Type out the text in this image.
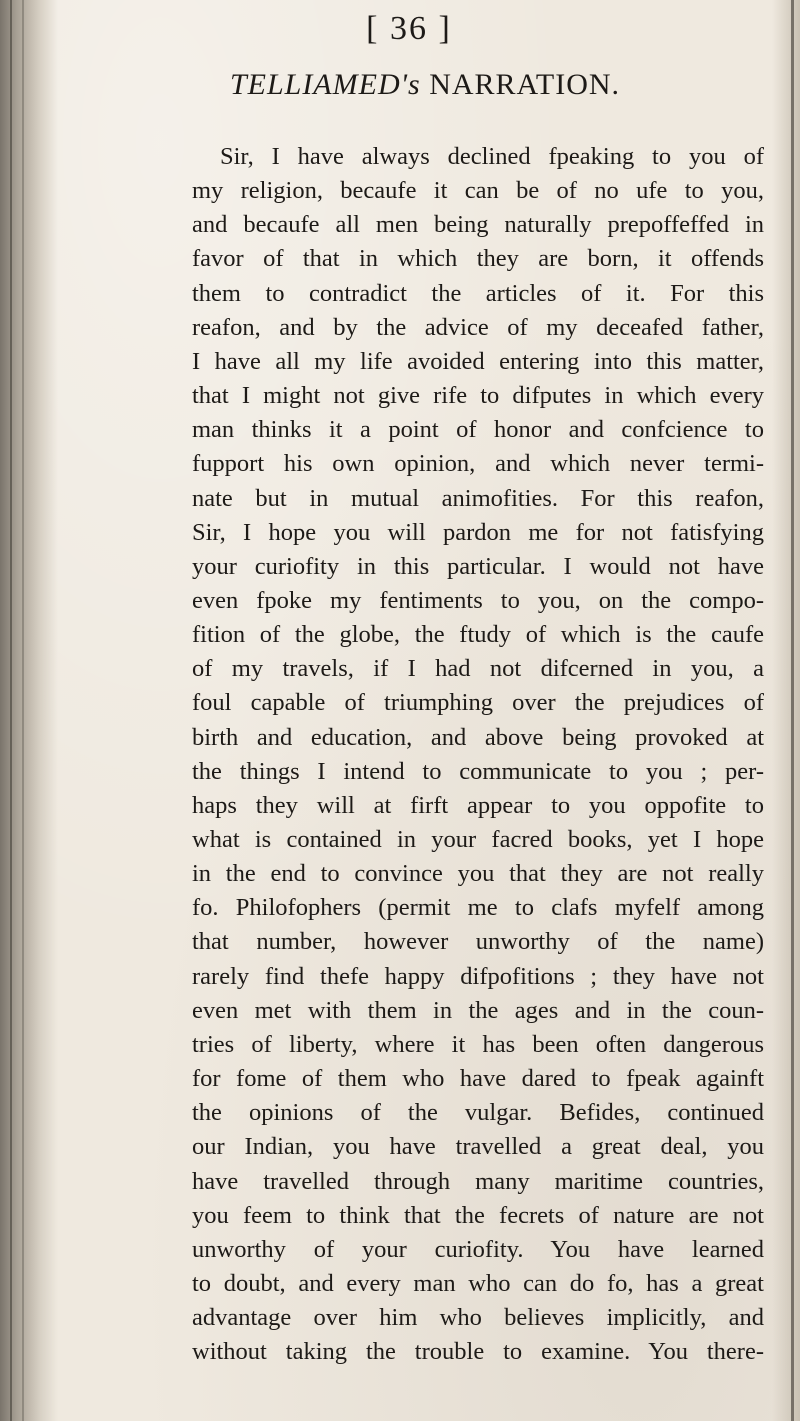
[ 36 ]
TELLIAMED's NARRATION.
Sir, I have always declined fpeaking to you of
my religion, becaufe it can be of no ufe to you,
and becaufe all men being naturally prepoffeffed in
favor of that in which they are born, it offends
them to contradict the articles of it. For this
reafon, and by the advice of my deceafed father,
I have all my life avoided entering into this matter,
that I might not give rife to difputes in which every
man thinks it a point of honor and confcience to
fupport his own opinion, and which never termi-
nate but in mutual animofities. For this reafon,
Sir, I hope you will pardon me for not fatisfying
your curiofity in this particular. I would not have
even fpoke my fentiments to you, on the compo-
fition of the globe, the ftudy of which is the caufe
of my travels, if I had not difcerned in you, a
foul capable of triumphing over the prejudices of
birth and education, and above being provoked at
the things I intend to communicate to you ; per-
haps they will at firft appear to you oppofite to
what is contained in your facred books, yet I hope
in the end to convince you that they are not really
fo. Philofophers (permit me to clafs myfelf among
that number, however unworthy of the name)
rarely find thefe happy difpofitions ; they have not
even met with them in the ages and in the coun-
tries of liberty, where it has been often dangerous
for fome of them who have dared to fpeak againft
the opinions of the vulgar. Befides, continued
our Indian, you have travelled a great deal, you
have travelled through many maritime countries,
you feem to think that the fecrets of nature are not
unworthy of your curiofity. You have learned
to doubt, and every man who can do fo, has a great
advantage over him who believes implicitly, and
without taking the trouble to examine. You there-
